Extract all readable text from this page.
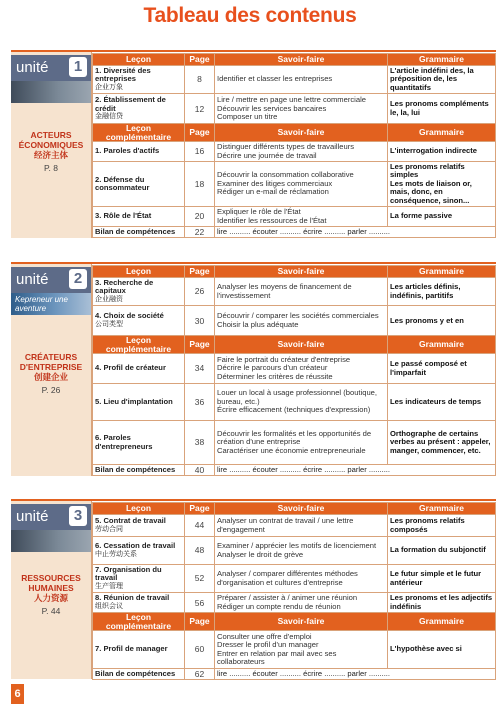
Tableau des contenus
unité	1
ACTEURS ÉCONOMIQUES
经济主体
P. 8
Leçon	Page	Savoir-faire	Grammaire
1. Diversité des entreprises
企业万象	8	Identifier et classer les entreprises	L'article indéfini des, la préposition de, les quantitatifs
2. Établissement de crédit
金融信贷	12	Lire / mettre en page une lettre commerciale
Découvrir les services bancaires
Composer un titre	Les pronoms compléments le, la, lui
Leçon complémentaire	Page	Savoir-faire	Grammaire
1. Paroles d'actifs	16	Distinguer différents types de travailleurs
Décrire une journée de travail	L'interrogation indirecte
2. Défense du consommateur	18	Découvrir la consommation collaborative
Examiner des litiges commerciaux
Rédiger un e-mail de réclamation	Les pronoms relatifs simples
Les mots de liaison or, mais, donc, en conséquence, sinon...
3. Rôle de l'État	20	Expliquer le rôle de l'État
Identifier les ressources de l'État	La forme passive
Bilan de compétences	22	lire .......... écouter .......... écrire .......... parler ..........	
unité	2
Kepreneur une aventure
CRÉATEURS D'ENTREPRISE
创建企业
P. 26
Leçon	Page	Savoir-faire	Grammaire
3. Recherche de capitaux
企业融资	26	Analyser les moyens de financement de l'investissement	Les articles définis, indéfinis, partitifs
4. Choix de société
公司类型	30	Découvrir / comparer les sociétés commerciales
Choisir la plus adéquate	Les pronoms y et en
Leçon complémentaire	Page	Savoir-faire	Grammaire
4. Profil de créateur	34	Faire le portrait du créateur d'entreprise
Décrire le parcours d'un créateur
Déterminer les critères de réussite	Le passé composé et l'imparfait
5. Lieu d'implantation	36	Louer un local à usage professionnel (boutique, bureau, etc.)
Écrire efficacement (techniques d'expression)	Les indicateurs de temps
6. Paroles d'entrepreneurs	38	Découvrir les formalités et les opportunités de création d'une entreprise
Caractériser une économie entrepreneuriale	Orthographe de certains verbes au présent : appeler, manger, commencer, etc.
Bilan de compétences	40	lire .......... écouter .......... écrire .......... parler ..........	
unité	3
RESSOURCES HUMAINES
人力资源
P. 44
Leçon	Page	Savoir-faire	Grammaire
5. Contrat de travail
劳动合同	44	Analyser un contrat de travail / une lettre d'engagement	Les pronoms relatifs composés
6. Cessation de travail
中止劳动关系	48	Examiner / apprécier les motifs de licenciement
Analyser le droit de grève	La formation du subjonctif
7. Organisation du travail
生产管理	52	Analyser / comparer différentes méthodes d'organisation et cultures d'entreprise	Le futur simple et le futur antérieur
8. Réunion de travail
组织会议	56	Préparer / assister à / animer une réunion
Rédiger un compte rendu de réunion	Les pronoms et les adjectifs indéfinis
Leçon complémentaire	Page	Savoir-faire	Grammaire
7. Profil de manager	60	Consulter une offre d'emploi
Dresser le profil d'un manager
Entrer en relation par mail avec ses collaborateurs	L'hypothèse avec si
Bilan de compétences	62	lire .......... écouter .......... écrire .......... parler ..........	
6
